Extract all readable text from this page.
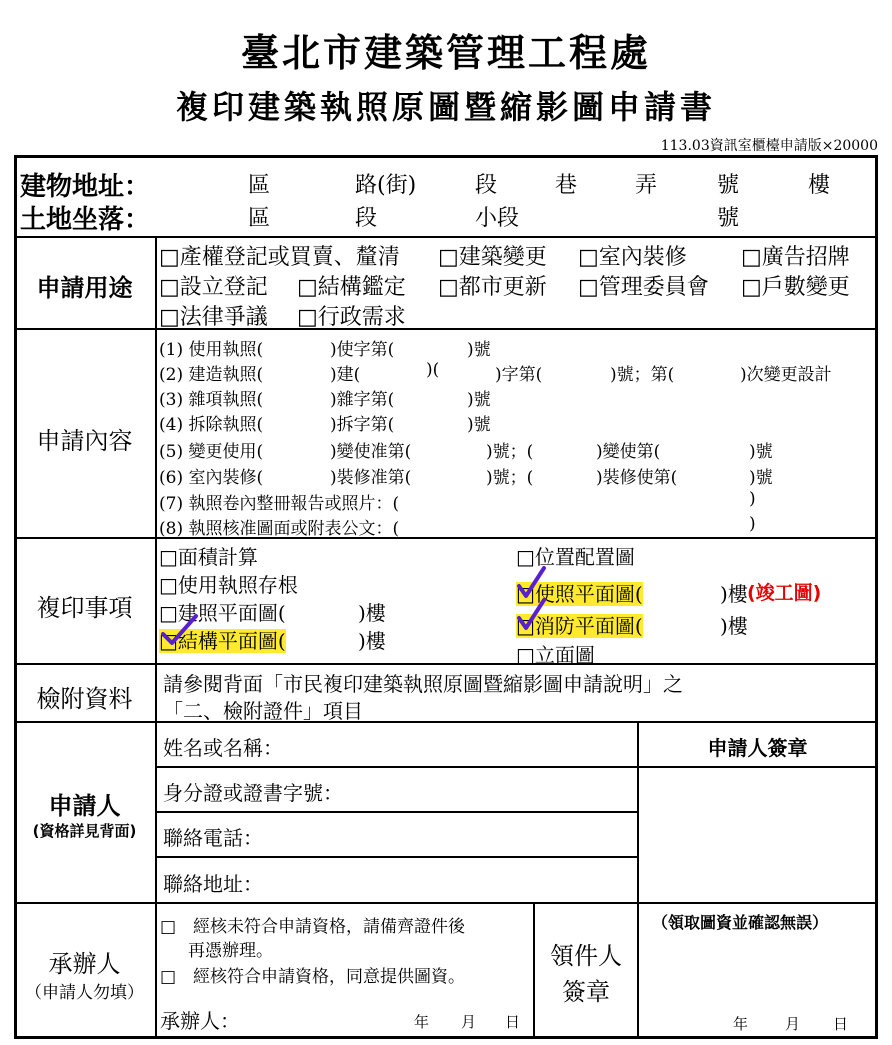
臺北市建築管理工程處
複印建築執照原圖暨縮影圖申請書
113.03資訊室櫃檯申請版×20000
建物地址：
土地坐落：
區	路(街)	段	巷	弄	號	樓
區	段	小段	號
申請用途
□產權登記或買賣、釐清 □建築變更 □室內裝修 □廣告招牌
□設立登記 □結構鑑定 □都市更新 □管理委員會 □戶數變更
□法律爭議 □行政需求
申請內容
(1) 使用執照(	)使字第(	)號
(2) 建造執照(	)建(	)(	)字第(	)號；第(	)次變更設計
(3) 雜項執照(	)雜字第(	)號
(4) 拆除執照(	)拆字第(	)號
(5) 變更使用(	)變使准第(	)號；(	)變使第(	)號
(6) 室內裝修(	)裝修准第(	)號；(	)裝修使第(	)號
(7) 執照卷內整冊報告或照片：(	)
(8) 執照核准圖面或附表公文：(	)
複印事項
□面積計算
□使用執照存根
□建照平面圖(	)樓
□結構平面圖(	)樓
□位置配置圖
□使照平面圖(	)樓 (竣工圖)
□消防平面圖(	)樓
□立面圖
檢附資料
請參閱背面「市民複印建築執照原圖暨縮影圖申請說明」之
「二、檢附證件」項目
申請人
(資格詳見背面)
姓名或名稱：
身分證或證書字號：
聯絡電話：
聯絡地址：
申請人簽章
承辦人
（申請人勿填）
□　經核未符合申請資格，請備齊證件後
再憑辦理。
□　經核符合申請資格，同意提供圖資。
承辦人：	年 月 日
領件人
簽章
（領取圖資並確認無誤）
年 月 日
